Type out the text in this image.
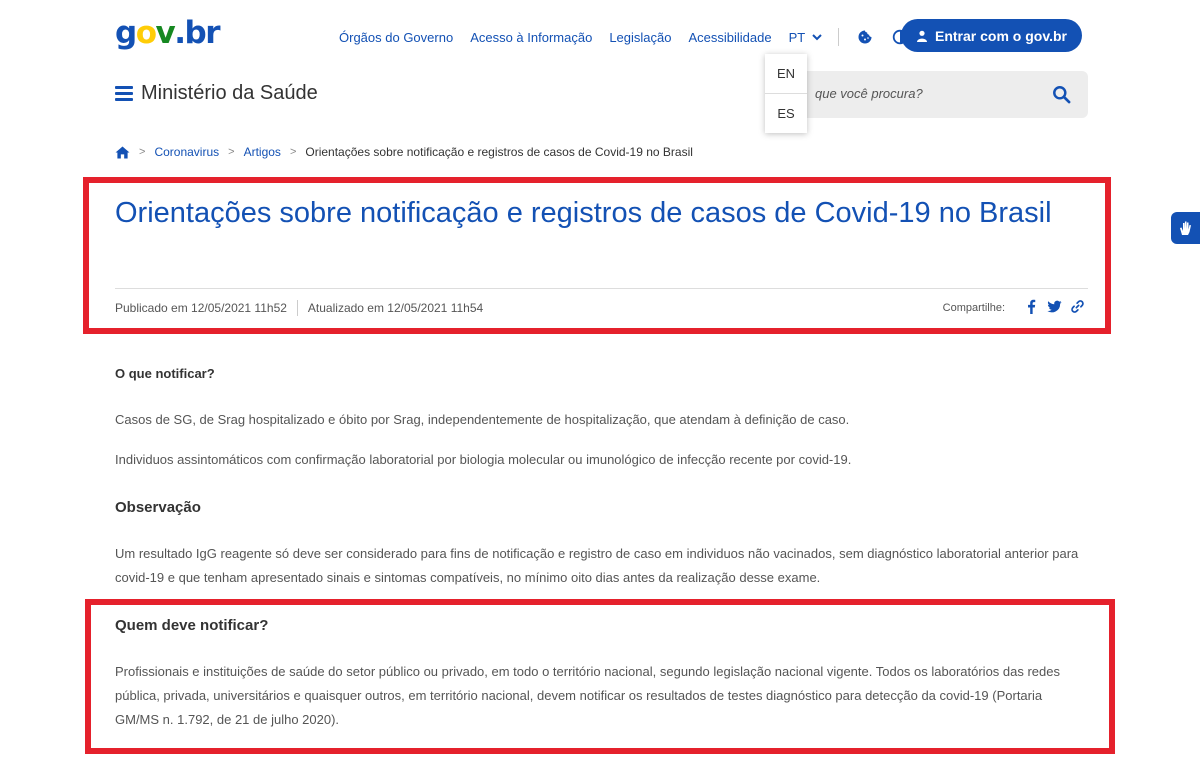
g o v . b r	Órgãos do Governo Acesso à Informação Legislação Acessibilidade PT	Entrar com o gov.br
Ministério da Saúde	que você procura?
EN
ES
> Coronavirus > Artigos > Orientações sobre notificação e registros de casos de Covid-19 no Brasil
Orientações sobre notificação e registros de casos de Covid-19 no Brasil
Publicado em 12/05/2021 11h52 Atualizado em 12/05/2021 11h54	Compartilhe:
O que notificar?

Casos de SG, de Srag hospitalizado e óbito por Srag, independentemente de hospitalização, que atendam à definição de caso.

Individuos assintomáticos com confirmação laboratorial por biologia molecular ou imunológico de infecção recente por covid-19.

Observação

Um resultado IgG reagente só deve ser considerado para fins de notificação e registro de caso em individuos não vacinados, sem diagnóstico laboratorial anterior para covid-19 e que tenham apresentado sinais e sintomas compatíveis, no mínimo oito dias antes da realização desse exame.

Quem deve notificar?

Profissionais e instituições de saúde do setor público ou privado, em todo o território nacional, segundo legislação nacional vigente. Todos os laboratórios das redes pública, privada, universitários e quaisquer outros, em território nacional, devem notificar os resultados de testes diagnóstico para detecção da covid-19 (Portaria GM/MS n. 1.792, de 21 de julho 2020).
